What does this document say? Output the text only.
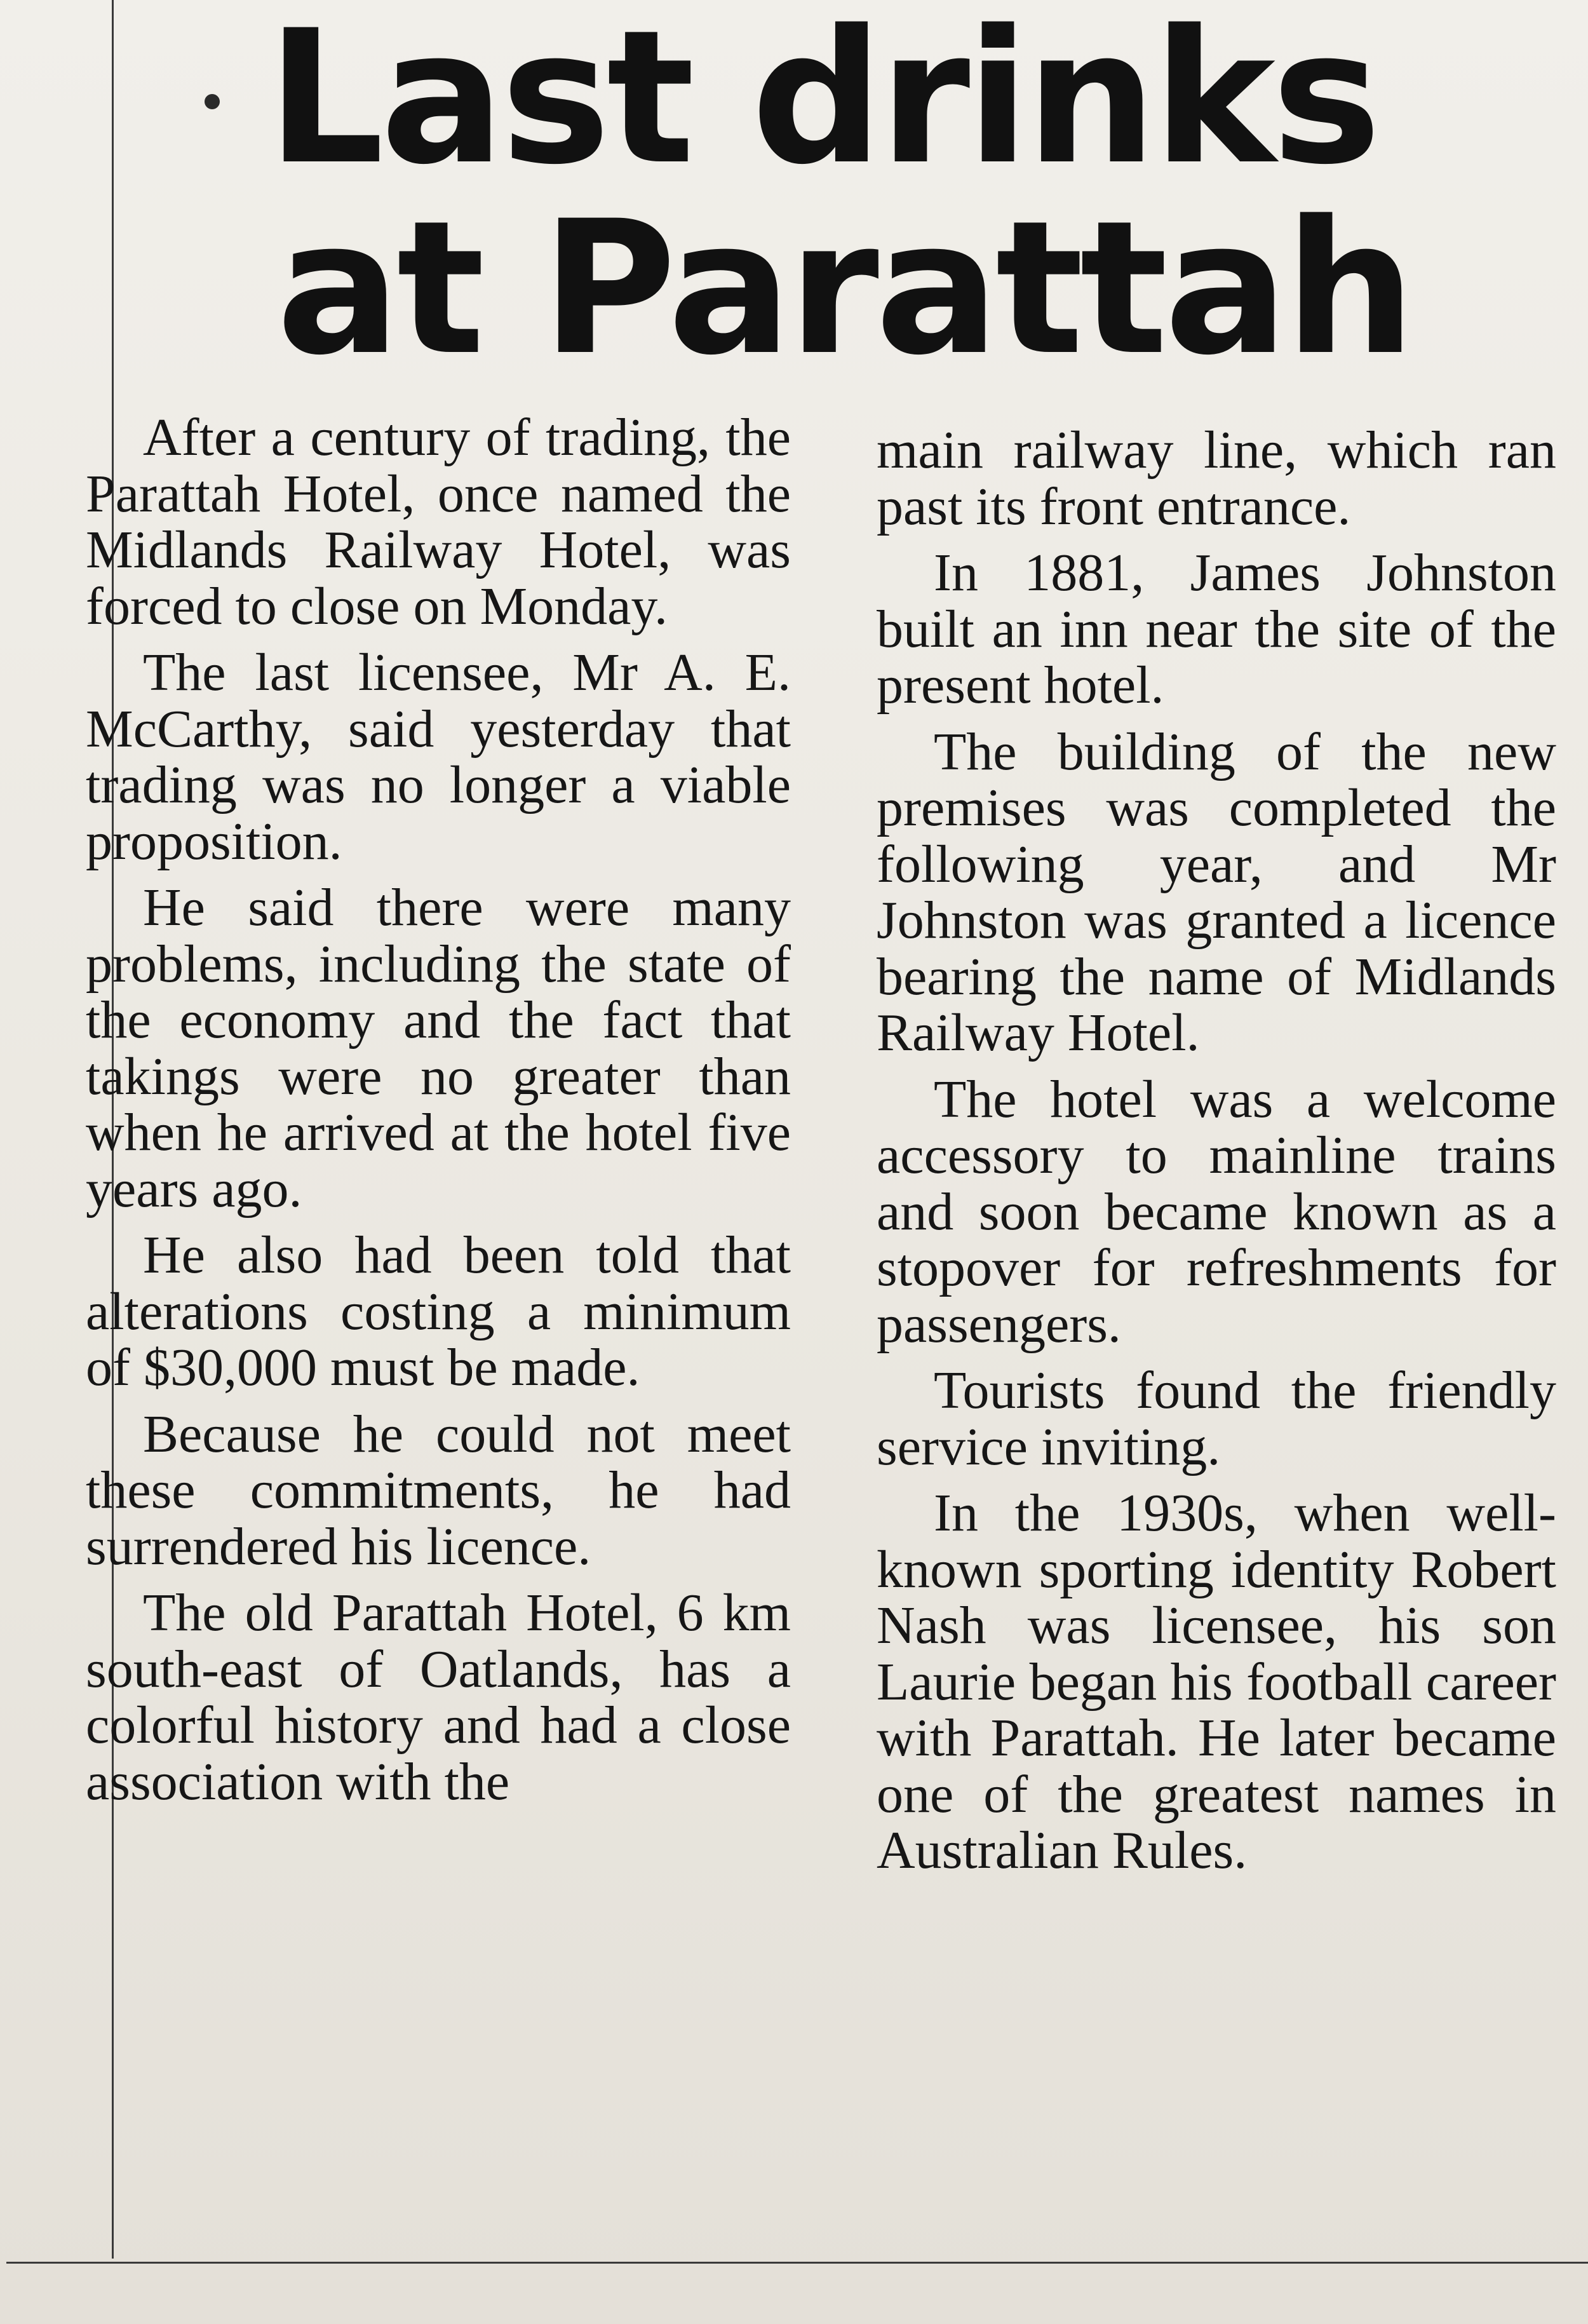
Last drinks
at Parattah

After a century of trading, the Parattah Hotel, once named the Midlands Railway Hotel, was forced to close on Monday.

The last licensee, Mr A. E. McCarthy, said yesterday that trading was no longer a viable proposition.

He said there were many problems, including the state of the economy and the fact that takings were no greater than when he arrived at the hotel five years ago.

He also had been told that alterations costing a minimum of $30,000 must be made.

Because he could not meet these commitments, he had surrendered his licence.

The old Parattah Hotel, 6 km south-east of Oatlands, has a colorful history and had a close association with the

main railway line, which ran past its front entrance.

In 1881, James Johnston built an inn near the site of the present hotel.

The building of the new premises was completed the following year, and Mr Johnston was granted a licence bearing the name of Midlands Railway Hotel.

The hotel was a welcome accessory to mainline trains and soon became known as a stopover for refreshments for passengers.

Tourists found the friendly service inviting.

In the 1930s, when well-known sporting identity Robert Nash was licensee, his son Laurie began his football career with Parattah. He later became one of the greatest names in Australian Rules.
